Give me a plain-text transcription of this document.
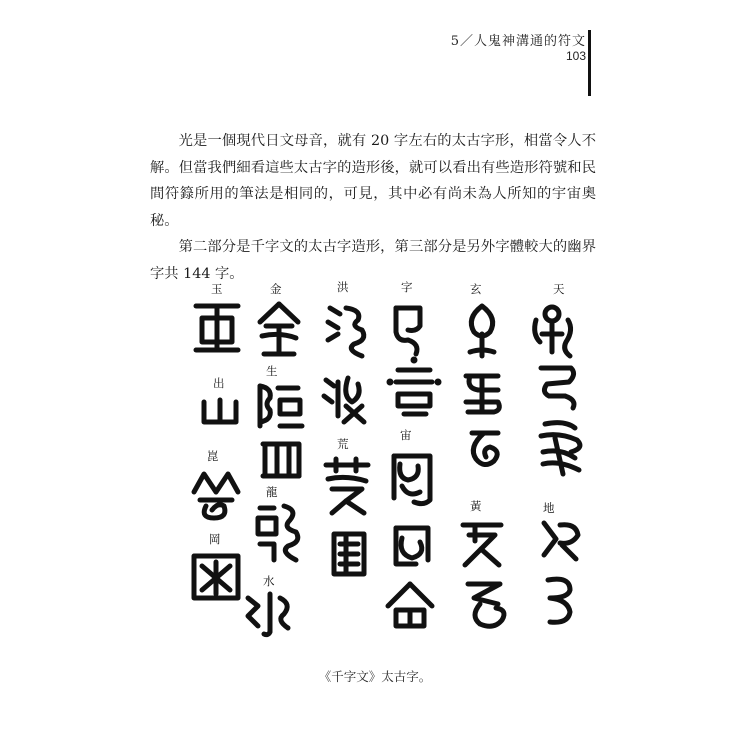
5／人鬼神溝通的符文
103

光是一個現代日文母音，就有 20 字左右的太古字形，相當令人不解。但當我們細看這些太古字的造形後，就可以看出有些造形符號和民間符籙所用的筆法是相同的，可見，其中必有尚未為人所知的宇宙奧秘。

第二部分是千字文的太古字造形，第三部分是另外字體較大的幽界字共 144 字。

天
地
玄
黃
字
宙
洪
荒
金
生
龍
水
玉
出
崑
岡
《千字文》太古字。
